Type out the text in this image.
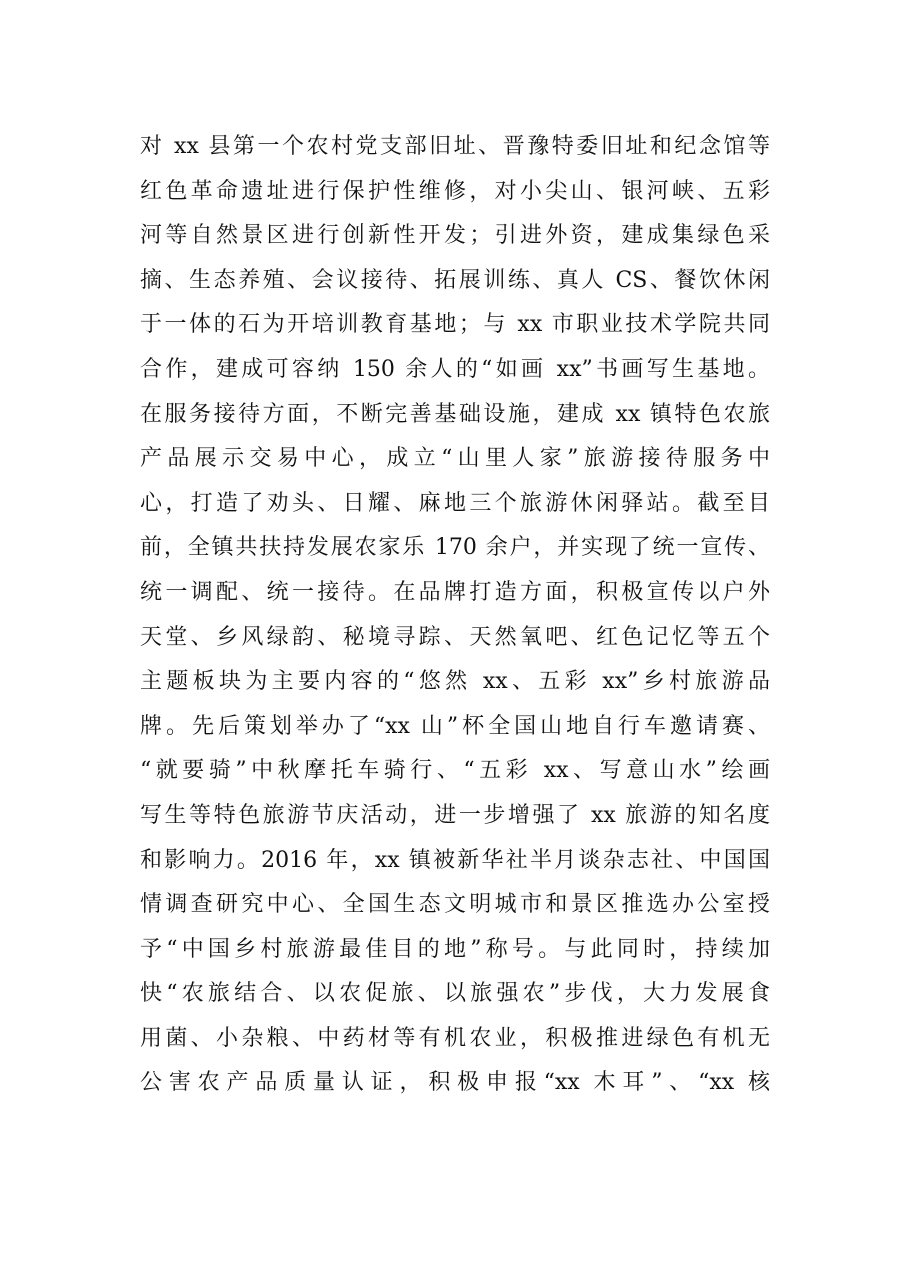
对 xx 县第一个农村党支部旧址、晋豫特委旧址和纪念馆等
红色革命遗址进行保护性维修，对小尖山、银河峡、五彩
河等自然景区进行创新性开发；引进外资，建成集绿色采
摘、生态养殖、会议接待、拓展训练、真人 CS、餐饮休闲
于一体的石为开培训教育基地；与 xx 市职业技术学院共同
合作，建成可容纳 150 余人的“如画 xx”书画写生基地。
在服务接待方面，不断完善基础设施，建成 xx 镇特色农旅
产品展示交易中心，成立“山里人家”旅游接待服务中
心，打造了劝头、日耀、麻地三个旅游休闲驿站。截至目
前，全镇共扶持发展农家乐 170 余户，并实现了统一宣传、
统一调配、统一接待。在品牌打造方面，积极宣传以户外
天堂、乡风绿韵、秘境寻踪、天然氧吧、红色记忆等五个
主题板块为主要内容的“悠然 xx、五彩 xx”乡村旅游品
牌。先后策划举办了“xx 山”杯全国山地自行车邀请赛、
“就要骑”中秋摩托车骑行、“五彩 xx、写意山水”绘画
写生等特色旅游节庆活动，进一步增强了 xx 旅游的知名度
和影响力。2016 年，xx 镇被新华社半月谈杂志社、中国国
情调查研究中心、全国生态文明城市和景区推选办公室授
予“中国乡村旅游最佳目的地”称号。与此同时，持续加
快“农旅结合、以农促旅、以旅强农”步伐，大力发展食
用菌、小杂粮、中药材等有机农业，积极推进绿色有机无
公害农产品质量认证，积极申报“xx 木耳”、“xx 核
